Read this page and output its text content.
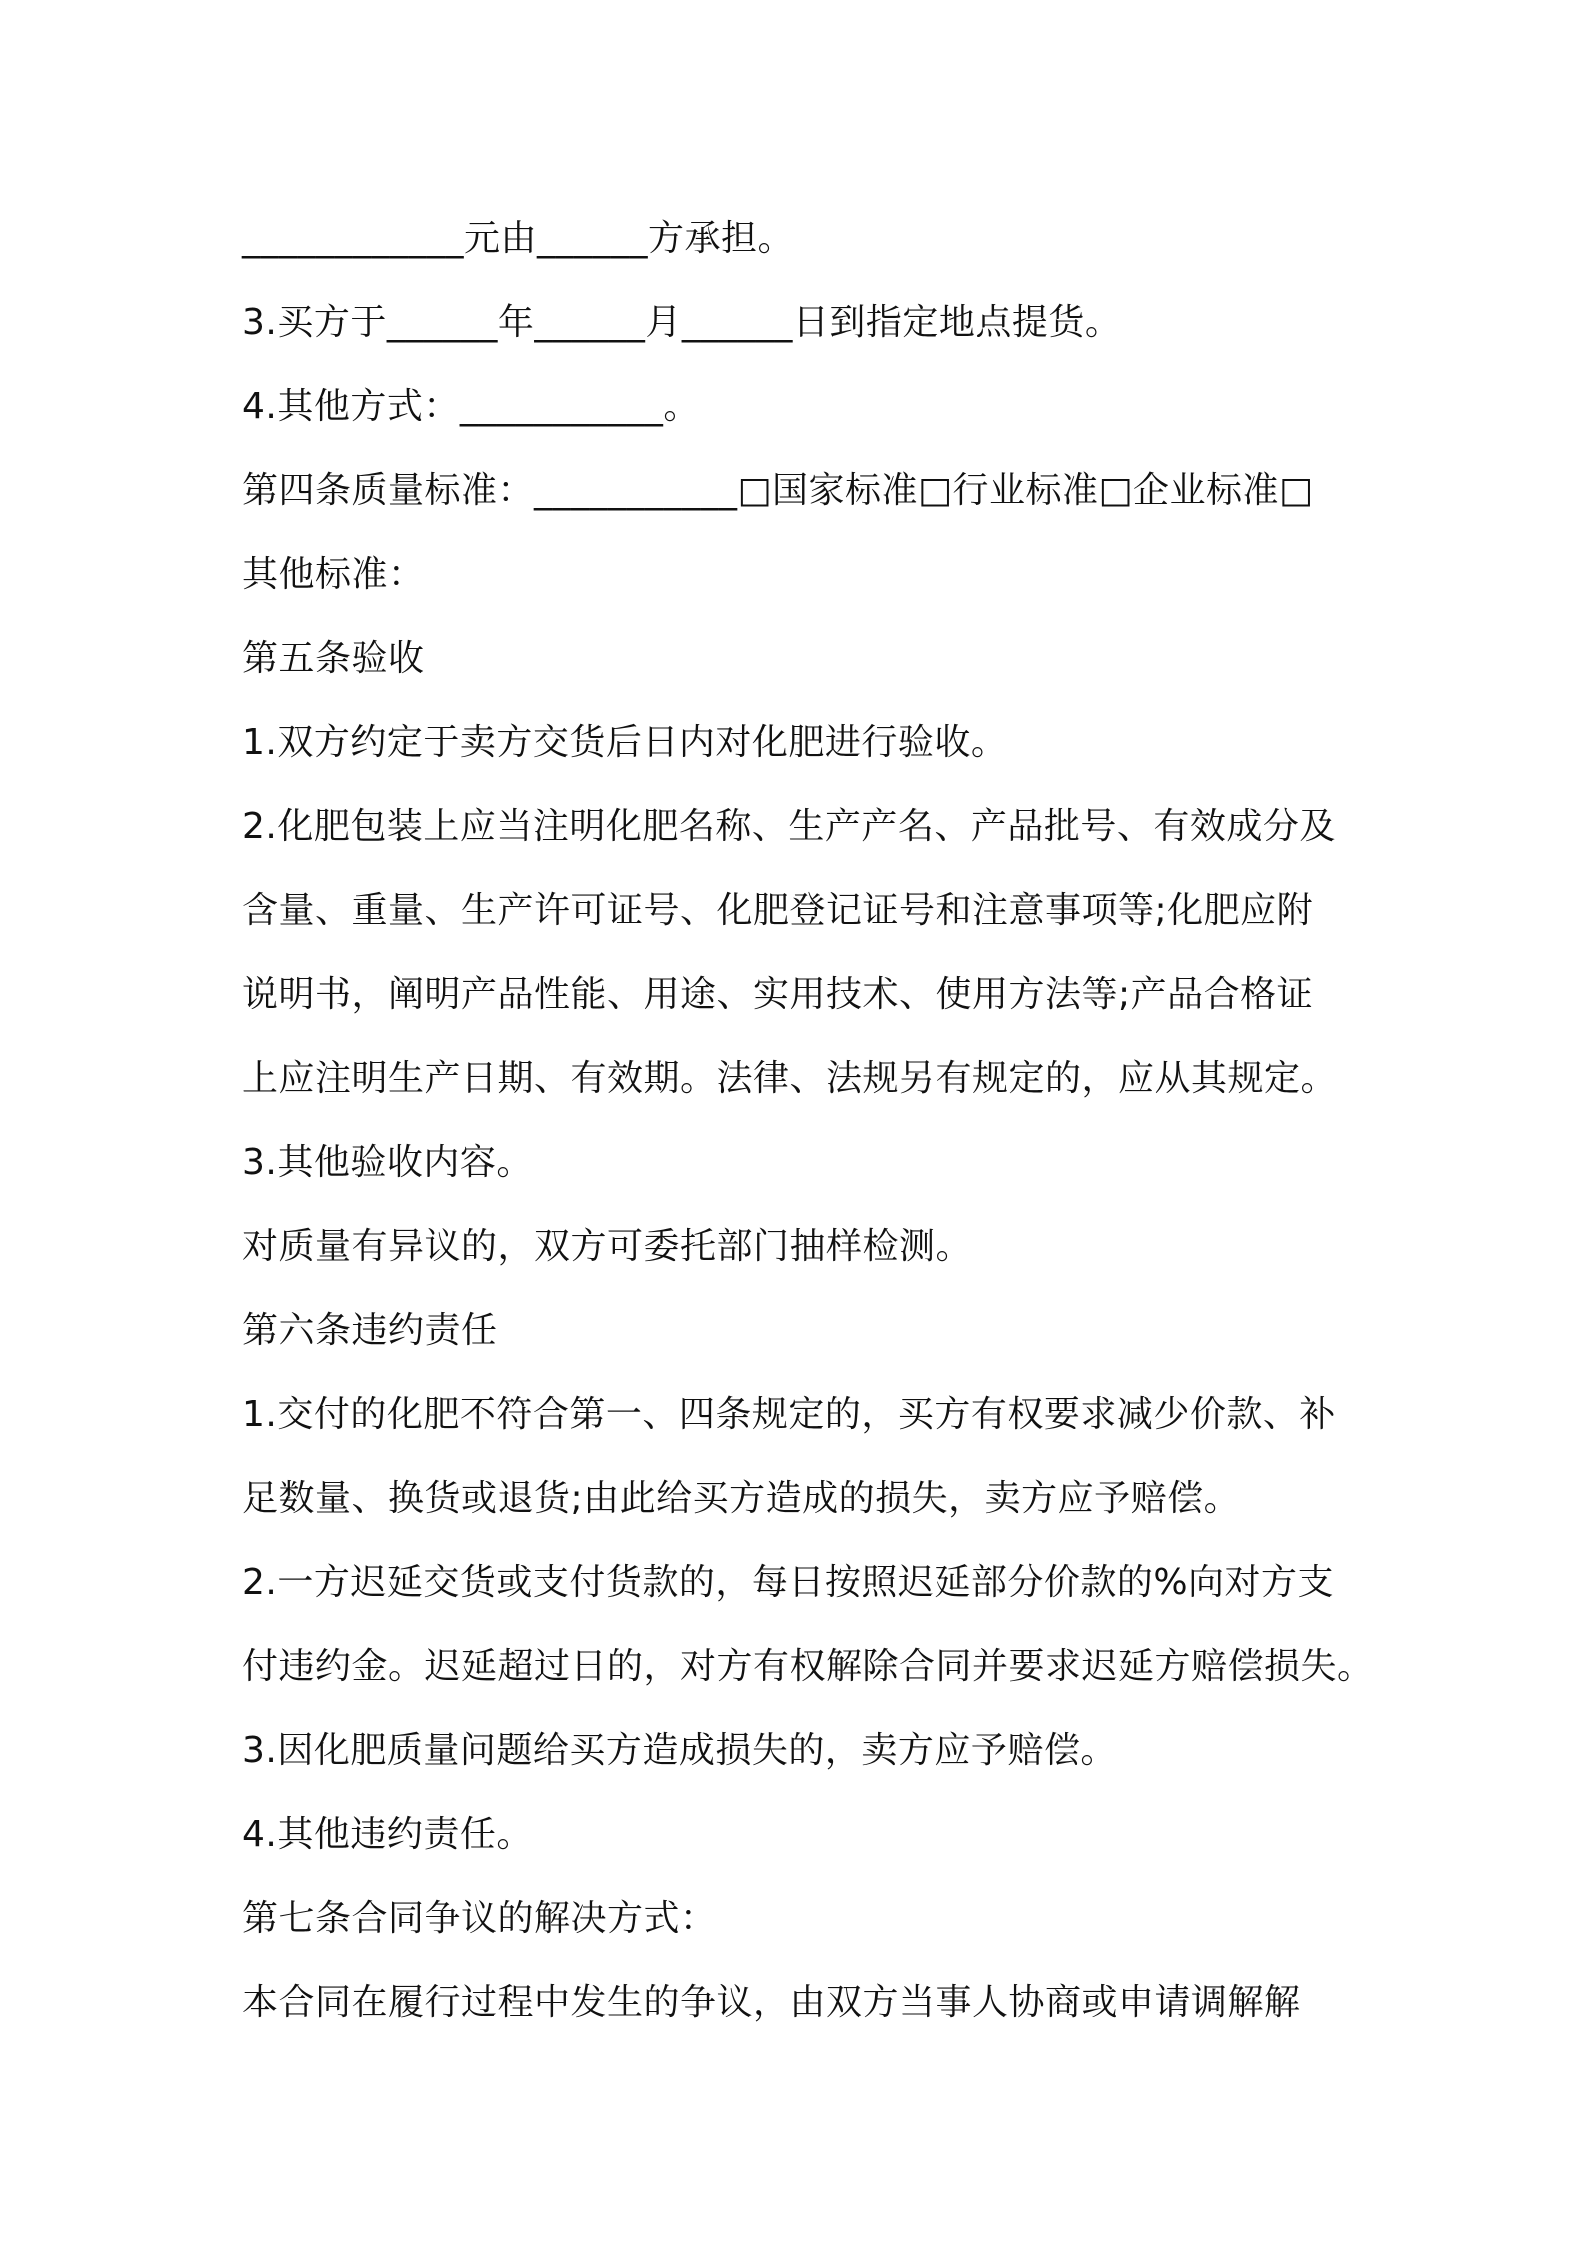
____________元由______方承担。
3.买方于______年______月______日到指定地点提货。
4.其他方式：___________。
第四条质量标准：___________□国家标准□行业标准□企业标准□
其他标准：
第五条验收
1.双方约定于卖方交货后日内对化肥进行验收。
2.化肥包装上应当注明化肥名称、生产产名、产品批号、有效成分及
含量、重量、生产许可证号、化肥登记证号和注意事项等;化肥应附
说明书，阐明产品性能、用途、实用技术、使用方法等;产品合格证
上应注明生产日期、有效期。法律、法规另有规定的，应从其规定。
3.其他验收内容。
对质量有异议的，双方可委托部门抽样检测。
第六条违约责任
1.交付的化肥不符合第一、四条规定的，买方有权要求减少价款、补
足数量、换货或退货;由此给买方造成的损失，卖方应予赔偿。
2.一方迟延交货或支付货款的，每日按照迟延部分价款的%向对方支
付违约金。迟延超过日的，对方有权解除合同并要求迟延方赔偿损失。
3.因化肥质量问题给买方造成损失的，卖方应予赔偿。
4.其他违约责任。
第七条合同争议的解决方式：
本合同在履行过程中发生的争议，由双方当事人协商或申请调解解
